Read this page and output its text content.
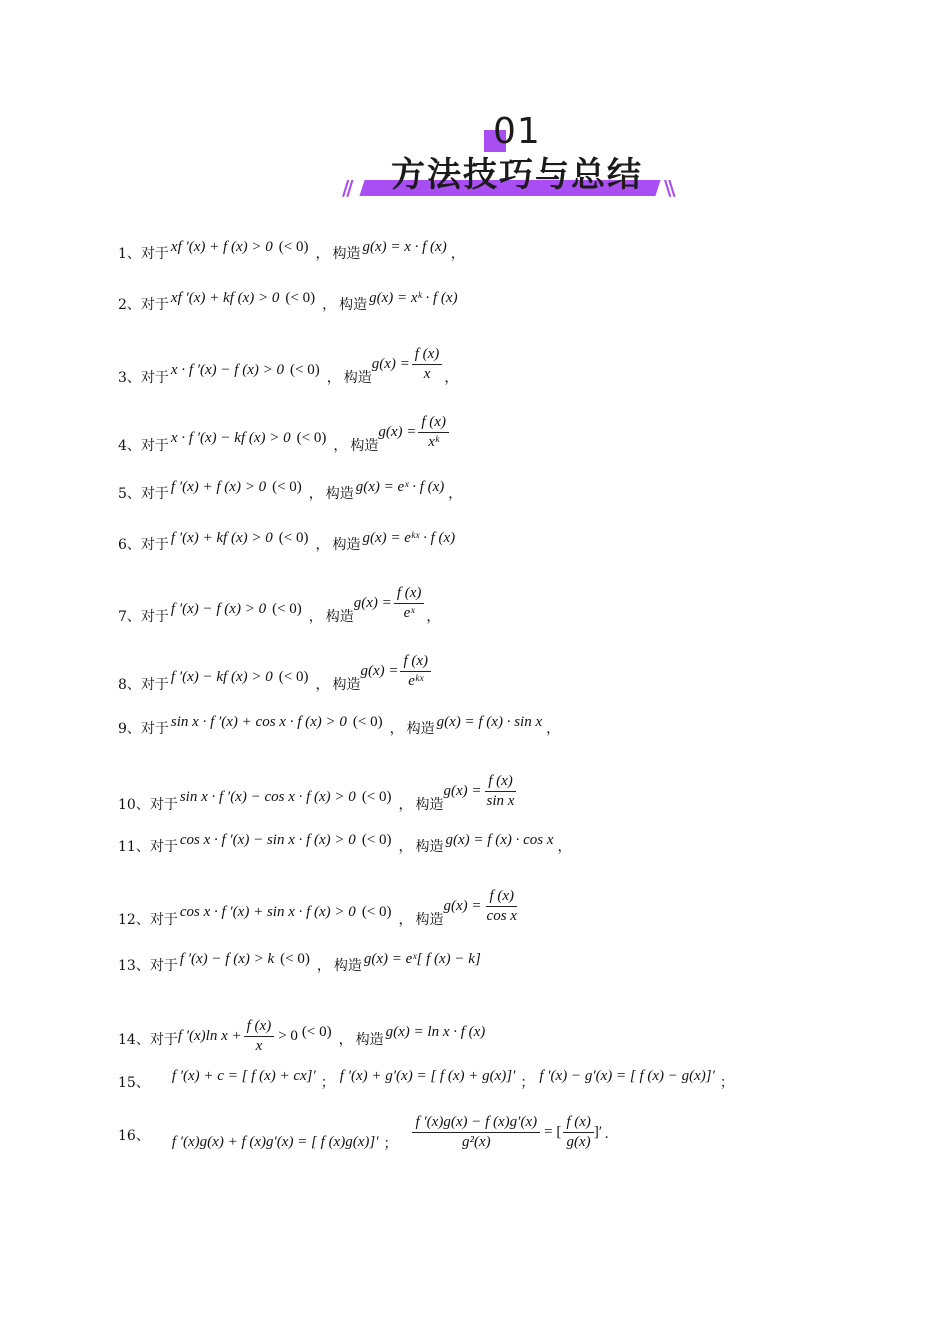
01
方法技巧与总结
//	\\
1、 对于 xf ′(x) + f (x) > 0 (< 0) ， 构造 g(x) = x · f (x) ，
2、 对于 xf ′(x) + kf (x) > 0 (< 0) ， 构造 g(x) = xᵏ · f (x)
3、 对于 x · f ′(x) − f (x) > 0 (< 0) ， 构造
$g(x) = \frac{f (x)}{x}$ ，
4、 对于 x · f ′(x) − kf (x) > 0 (< 0) ， 构造
$g(x) = \frac{f (x)}{\text{xᵏ}}$
5、 对于 f ′(x) + f (x) > 0 (< 0) ， 构造 g(x) = eˣ · f (x) ，
6、 对于 f ′(x) + kf (x) > 0 (< 0) ， 构造 g(x) = eᵏˣ · f (x)
7、 对于 f ′(x) − f (x) > 0 (< 0) ， 构造
$g(x) = \frac{f (x)}{\text{eˣ}}$ ，
8、 对于 f ′(x) − kf (x) > 0 (< 0) ， 构造
$g(x) = \frac{f (x)}{\text{eᵏˣ}}$
9、 对于 sin x · f ′(x) + cos x · f (x) > 0 (< 0) ， 构造 g(x) = f (x) · sin x ，
10、 对于 sin x · f ′(x) − cos x · f (x) > 0 (< 0) ， 构造
$g(x) = \frac{f (x)}{\text{sin x}}$
11、 对于 cos x · f ′(x) − sin x · f (x) > 0 (< 0) ， 构造 g(x) = f (x) · cos x ，
12、 对于 cos x · f ′(x) + sin x · f (x) > 0 (< 0) ， 构造
$g(x) = \frac{f (x)}{\text{cos x}}$
13、 对于 f ′(x) − f (x) > k (< 0) ， 构造 g(x) = eˣ[ f (x) − k]
14、 对于 f ′(x)ln $x + \frac{f (x)}{x} > 0$ (< 0) ， 构造 g(x) = ln x · f (x)
15、 f ′(x) + c = [ f (x) + cx]′ ； f ′(x) + g′(x) = [ f (x) + g(x)]′ ； f ′(x) − g′(x) = [ f (x) − g(x)]′ ；
16、 f ′(x)g(x) + f (x)g′(x) = [ f (x)g(x)]′ ； $\frac{f '(x)g(x) - f (x)g'(x)}{\text{g²(x)}}$ = [ $\frac{f (x)}{g(x)}$ ]′ ．
